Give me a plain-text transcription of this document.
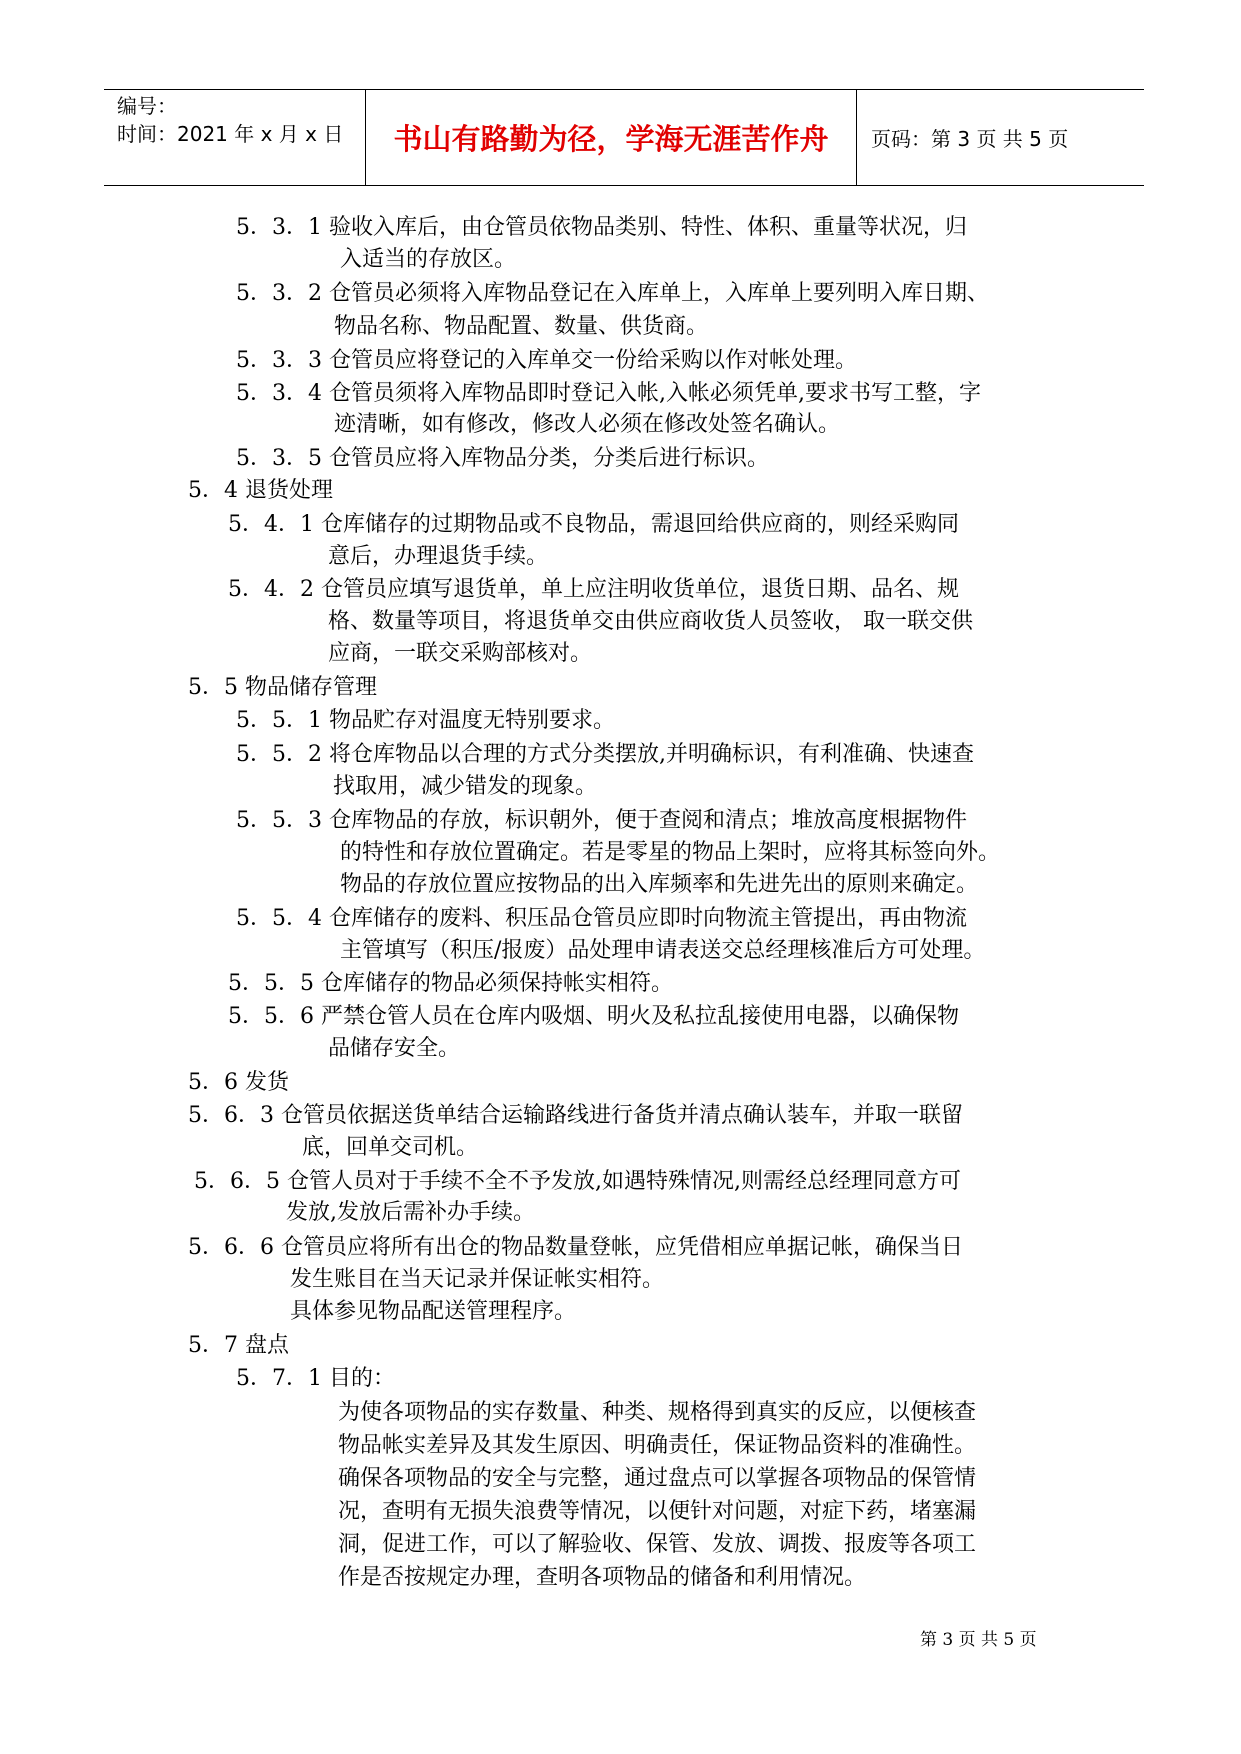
编号：
时间：2021 年 x 月 x 日	书山有路勤为径，学海无涯苦作舟	页码：第 3 页 共 5 页
5．3．1 验收入库后，由仓管员依物品类别、特性、体积、重量等状况，归
入适当的存放区。
5．3．2 仓管员必须将入库物品登记在入库单上，入库单上要列明入库日期、
物品名称、物品配置、数量、供货商。
5．3．3 仓管员应将登记的入库单交一份给采购以作对帐处理。
5．3．4 仓管员须将入库物品即时登记入帐,入帐必须凭单,要求书写工整，字
迹清晰，如有修改，修改人必须在修改处签名确认。
5．3．5 仓管员应将入库物品分类，分类后进行标识。
5．4 退货处理
5．4．1 仓库储存的过期物品或不良物品，需退回给供应商的，则经采购同
意后，办理退货手续。
5．4．2 仓管员应填写退货单，单上应注明收货单位，退货日期、品名、规
格、数量等项目，将退货单交由供应商收货人员签收， 取一联交供
应商，一联交采购部核对。
5．5 物品储存管理
5．5．1 物品贮存对温度无特别要求。
5．5．2 将仓库物品以合理的方式分类摆放,并明确标识，有利准确、快速查
找取用，减少错发的现象。
5．5．3 仓库物品的存放，标识朝外，便于查阅和清点；堆放高度根据物件
的特性和存放位置确定。若是零星的物品上架时，应将其标签向外。
物品的存放位置应按物品的出入库频率和先进先出的原则来确定。
5．5．4 仓库储存的废料、积压品仓管员应即时向物流主管提出，再由物流
主管填写（积压/报废）品处理申请表送交总经理核准后方可处理。
5．5．5 仓库储存的物品必须保持帐实相符。
5．5．6 严禁仓管人员在仓库内吸烟、明火及私拉乱接使用电器，以确保物
品储存安全。
5．6 发货
5．6．3 仓管员依据送货单结合运输路线进行备货并清点确认装车，并取一联留
底，回单交司机。
5．6．5 仓管人员对于手续不全不予发放,如遇特殊情况,则需经总经理同意方可
发放,发放后需补办手续。
5．6．6 仓管员应将所有出仓的物品数量登帐，应凭借相应单据记帐，确保当日
发生账目在当天记录并保证帐实相符。
具体参见物品配送管理程序。
5．7 盘点
5．7．1 目的：
为使各项物品的实存数量、种类、规格得到真实的反应，以便核查
物品帐实差异及其发生原因、明确责任，保证物品资料的准确性。
确保各项物品的安全与完整，通过盘点可以掌握各项物品的保管情
况，查明有无损失浪费等情况，以便针对问题，对症下药，堵塞漏
洞，促进工作，可以了解验收、保管、发放、调拨、报废等各项工
作是否按规定办理，查明各项物品的储备和利用情况。
第 3 页 共 5 页
